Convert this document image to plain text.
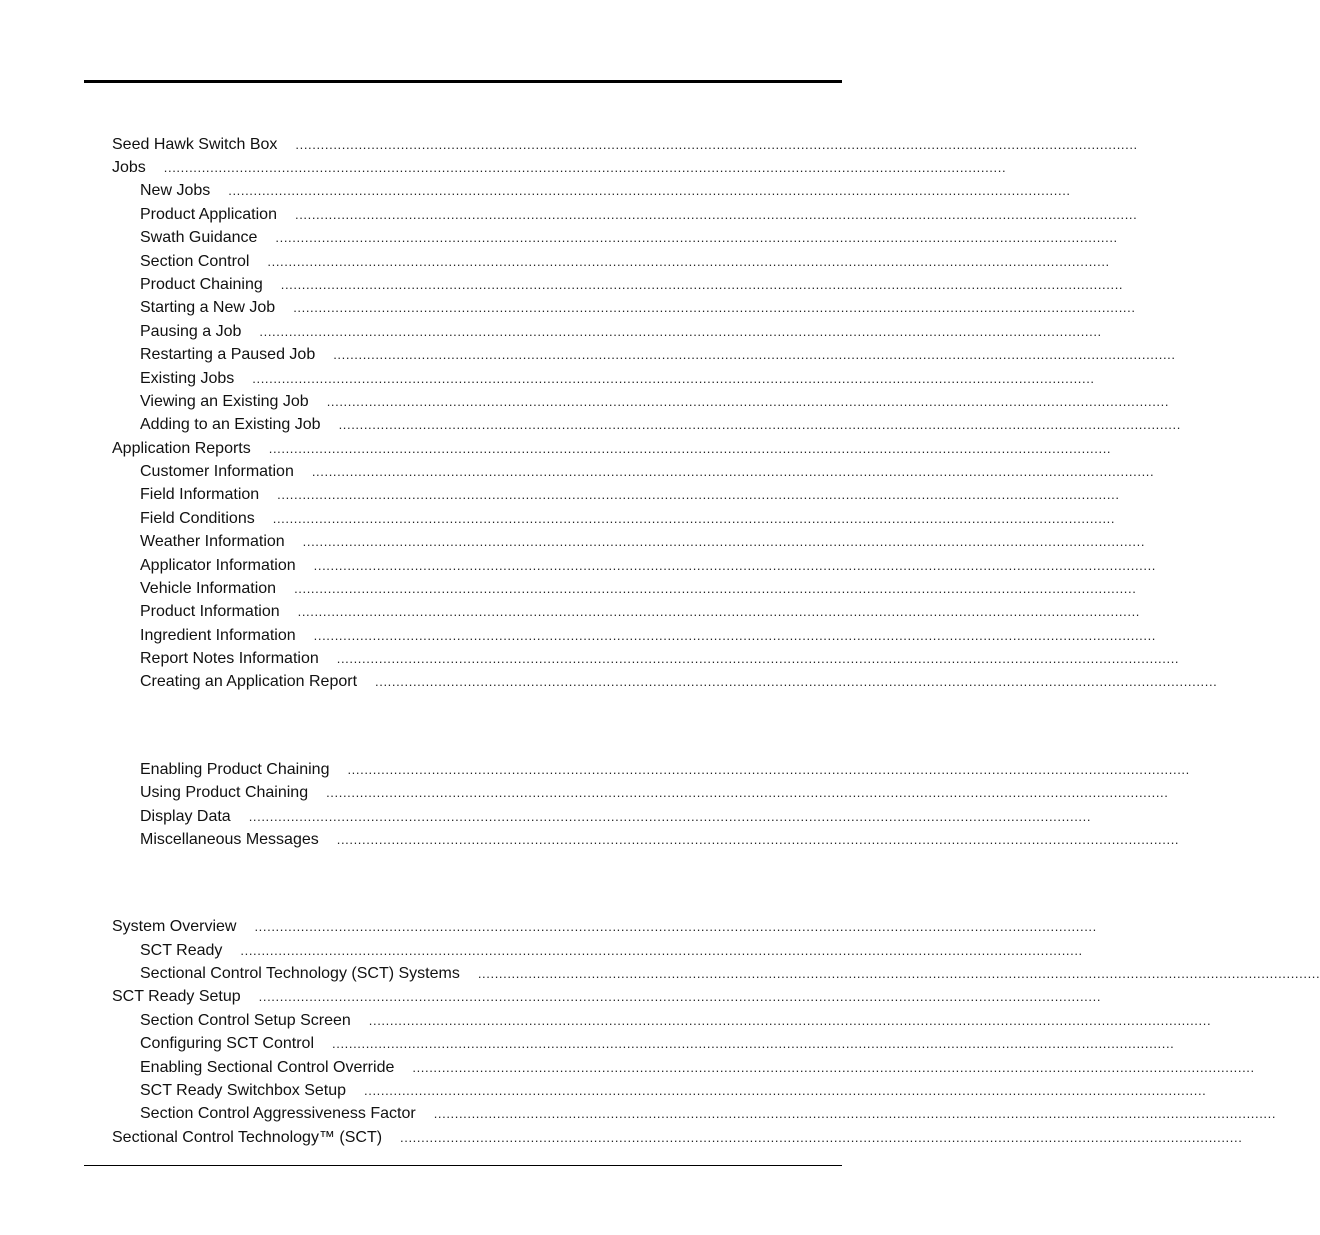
Seed Hawk Switch Box	........................................................................................................................................................................................................
Jobs	........................................................................................................................................................................................................
New Jobs	........................................................................................................................................................................................................
Product Application	........................................................................................................................................................................................................
Swath Guidance	........................................................................................................................................................................................................
Section Control	........................................................................................................................................................................................................
Product Chaining	........................................................................................................................................................................................................
Starting a New Job	........................................................................................................................................................................................................
Pausing a Job	........................................................................................................................................................................................................
Restarting a Paused Job	........................................................................................................................................................................................................
Existing Jobs	........................................................................................................................................................................................................
Viewing an Existing Job	........................................................................................................................................................................................................
Adding to an Existing Job	........................................................................................................................................................................................................
Application Reports	........................................................................................................................................................................................................
Customer Information	........................................................................................................................................................................................................
Field Information	........................................................................................................................................................................................................
Field Conditions	........................................................................................................................................................................................................
Weather Information	........................................................................................................................................................................................................
Applicator Information	........................................................................................................................................................................................................
Vehicle Information	........................................................................................................................................................................................................
Product Information	........................................................................................................................................................................................................
Ingredient Information	........................................................................................................................................................................................................
Report Notes Information	........................................................................................................................................................................................................
Creating an Application Report	........................................................................................................................................................................................................
Enabling Product Chaining	........................................................................................................................................................................................................
Using Product Chaining	........................................................................................................................................................................................................
Display Data	........................................................................................................................................................................................................
Miscellaneous Messages	........................................................................................................................................................................................................
System Overview	........................................................................................................................................................................................................
SCT Ready	........................................................................................................................................................................................................
Sectional Control Technology (SCT) Systems	........................................................................................................................................................................................................
SCT Ready Setup	........................................................................................................................................................................................................
Section Control Setup Screen	........................................................................................................................................................................................................
Configuring SCT Control	........................................................................................................................................................................................................
Enabling Sectional Control Override	........................................................................................................................................................................................................
SCT Ready Switchbox Setup	........................................................................................................................................................................................................
Section Control Aggressiveness Factor	........................................................................................................................................................................................................
Sectional Control Technology™ (SCT)	........................................................................................................................................................................................................
